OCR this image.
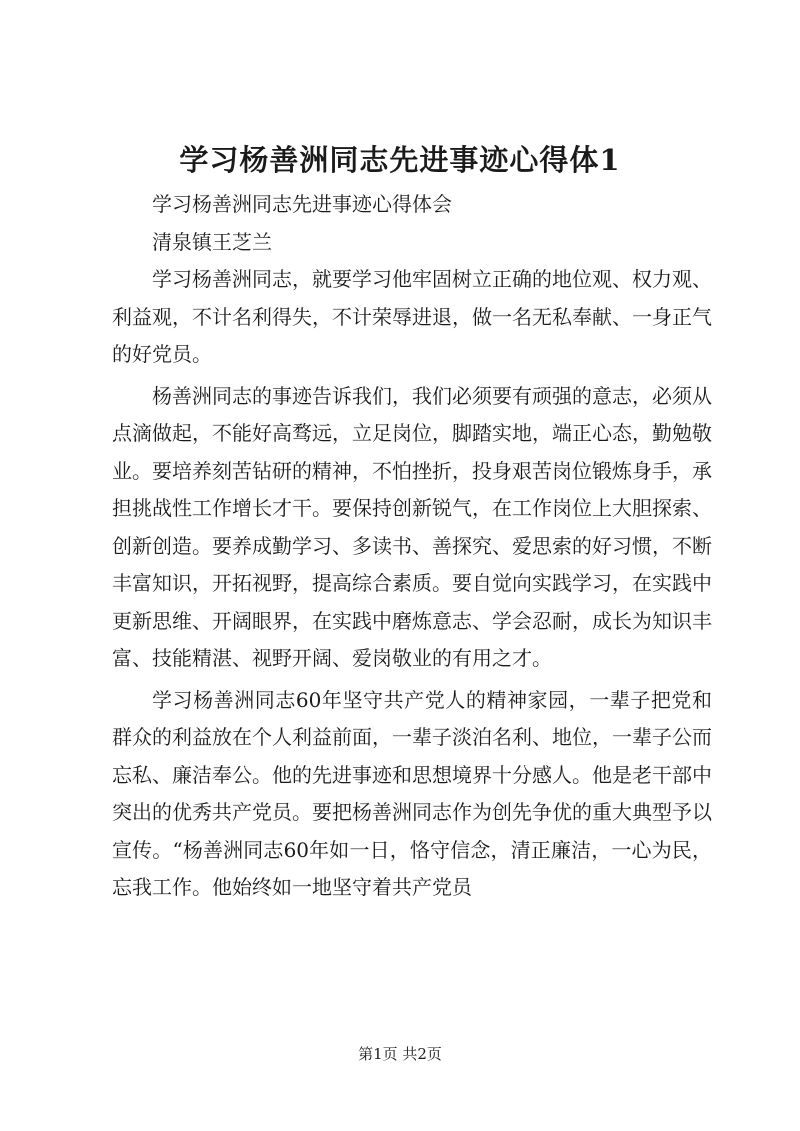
学习杨善洲同志先进事迹心得体1

学习杨善洲同志先进事迹心得体会

清泉镇王芝兰

学习杨善洲同志，就要学习他牢固树立正确的地位观、权力观、利益观，不计名利得失，不计荣辱进退，做一名无私奉献、一身正气的好党员。

杨善洲同志的事迹告诉我们，我们必须要有顽强的意志，必须从点滴做起，不能好高骛远，立足岗位，脚踏实地，端正心态，勤勉敬业。要培养刻苦钻研的精神，不怕挫折，投身艰苦岗位锻炼身手，承担挑战性工作增长才干。要保持创新锐气，在工作岗位上大胆探索、创新创造。要养成勤学习、多读书、善探究、爱思索的好习惯，不断丰富知识，开拓视野，提高综合素质。要自觉向实践学习，在实践中更新思维、开阔眼界，在实践中磨炼意志、学会忍耐，成长为知识丰富、技能精湛、视野开阔、爱岗敬业的有用之才。

学习杨善洲同志60年坚守共产党人的精神家园，一辈子把党和群众的利益放在个人利益前面，一辈子淡泊名利、地位，一辈子公而忘私、廉洁奉公。他的先进事迹和思想境界十分感人。他是老干部中突出的优秀共产党员。要把杨善洲同志作为创先争优的重大典型予以宣传。“杨善洲同志60年如一日，恪守信念，清正廉洁，一心为民，忘我工作。他始终如一地坚守着共产党员

第1页 共2页
